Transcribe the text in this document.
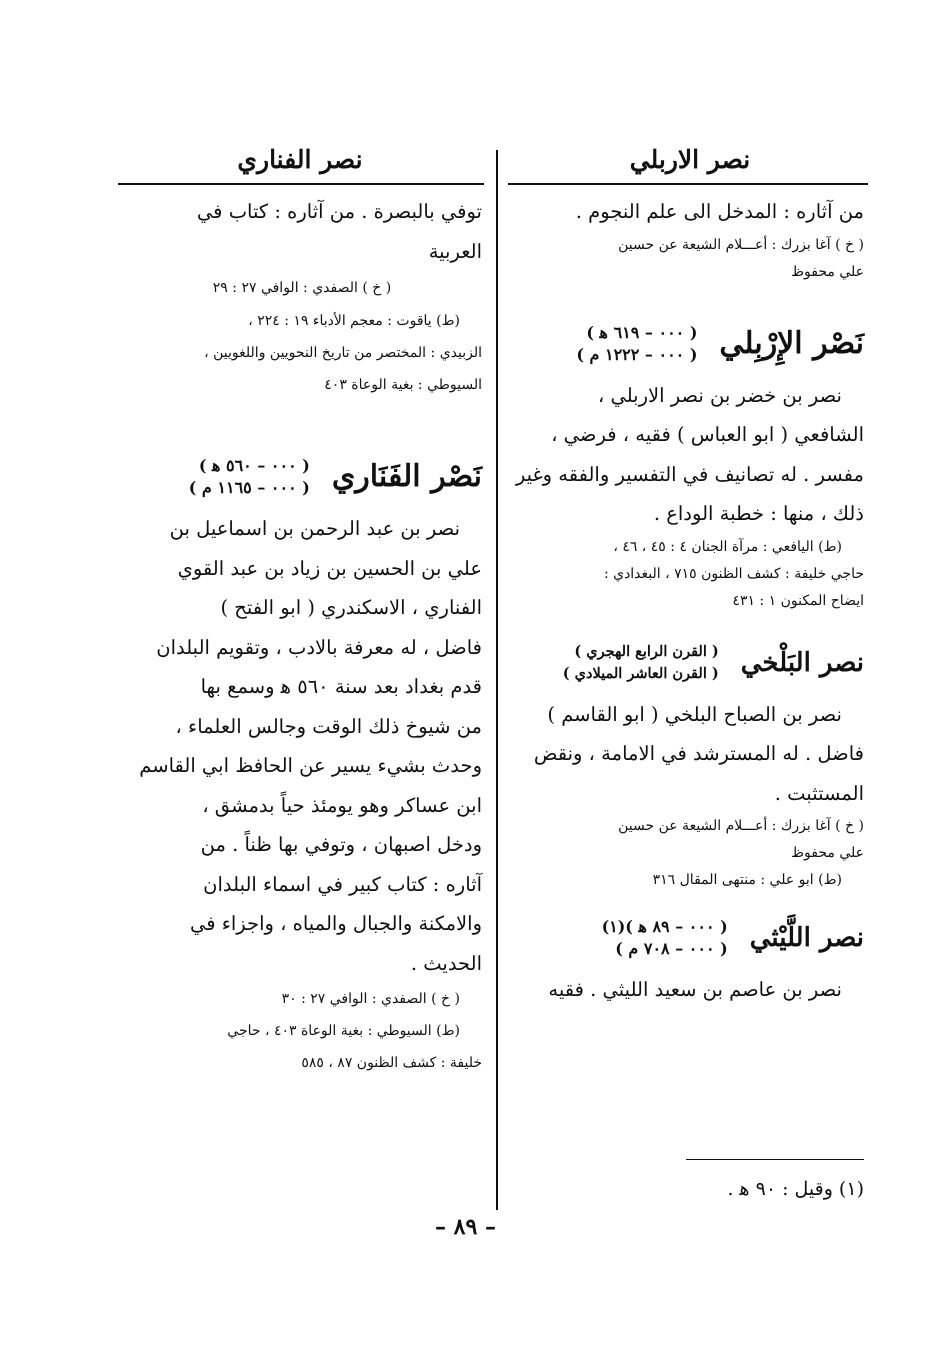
نصر الاربلي
نصر الفناري

من آثاره : المدخل الى علم النجوم .

( خ ) آغا بزرك : أعـــلام الشيعة عن حسين

علي محفوظ

نَصْر الإِرْبِلي
( ٠٠٠ – ٦١٩ ﻫ )
( ٠٠٠ – ١٢٢٢ م )

نصر بن خضر بن نصر الاربلي ،

الشافعي ( ابو العباس ) فقيه ، فرضي ،

مفسر . له تصانيف في التفسير والفقه وغير

ذلك ، منها : خطبة الوداع .

(ط) اليافعي : مرآة الجنان ٤ : ٤٥ ، ٤٦ ،

حاجي خليفة : كشف الظنون ٧١٥ ، البغدادي :

ايضاح المكنون ١ : ٤٣١

نصر البَلْخي
( القرن الرابع الهجري )
( القرن العاشر الميلادي )

نصر بن الصباح البلخي ( ابو القاسم )

فاضل . له المسترشد في الامامة ، ونقض

المستثبت .

( خ ) آغا بزرك : أعـــلام الشيعة عن حسين

علي محفوظ

(ط) ابو علي : منتهى المقال ٣١٦

نصر اللَّيْثي
( ٠٠٠ – ٨٩ ﻫ )(١)
( ٠٠٠ – ٧٠٨ م )

نصر بن عاصم بن سعيد الليثي . فقيه

(١) وقيل : ٩٠ ﻫ .

توفي بالبصرة . من آثاره : كتاب في

العربية

( خ ) الصفدي : الوافي ٢٧ : ٢٩

(ط) ياقوت : معجم الأدباء ١٩ : ٢٢٤ ،

الزبيدي : المختصر من تاريخ النحويين واللغويين ،

السيوطي : بغية الوعاة ٤٠٣

نَصْر الفَنَاري
( ٠٠٠ – ٥٦٠ ﻫ )
( ٠٠٠ – ١١٦٥ م )

نصر بن عبد الرحمن بن اسماعيل بن

علي بن الحسين بن زياد بن عبد القوي

الفناري ، الاسكندري ( ابو الفتح )

فاضل ، له معرفة بالادب ، وتقويم البلدان

قدم بغداد بعد سنة ٥٦٠ ﻫ وسمع بها

من شيوخ ذلك الوقت وجالس العلماء ،

وحدث بشيء يسير عن الحافظ ابي القاسم

ابن عساكر وهو يومئذ حياً بدمشق ،

ودخل اصبهان ، وتوفي بها ظناً . من

آثاره : كتاب كبير في اسماء البلدان

والامكنة والجبال والمياه ، واجزاء في

الحديث .

( خ ) الصفدي : الوافي ٢٧ : ٣٠

(ط) السيوطي : بغية الوعاة ٤٠٣ ، حاجي

خليفة : كشف الظنون ٨٧ ، ٥٨٥

– ٨٩ –
